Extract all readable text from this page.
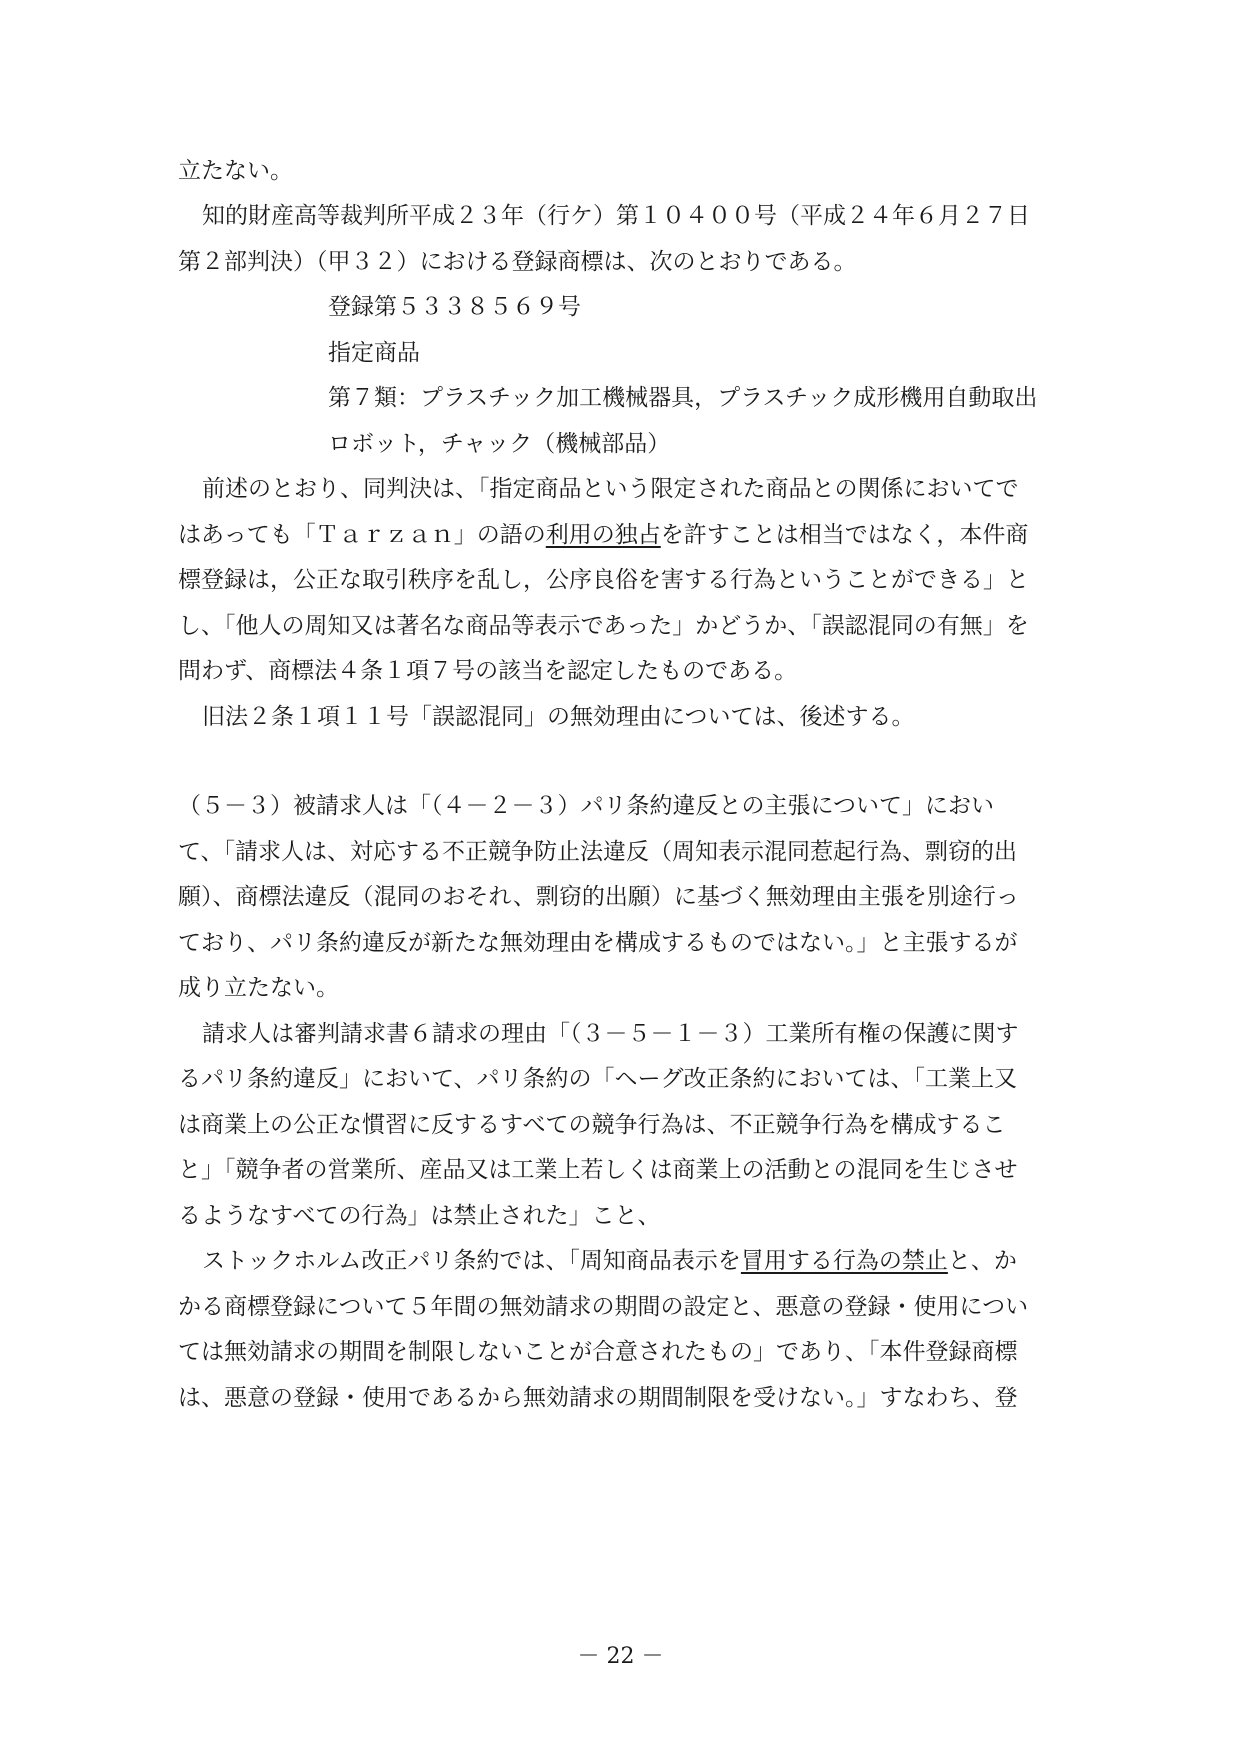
立たない。
知的財産高等裁判所平成２３年（行ケ）第１０４００号（平成２４年６月２７日
第２部判決）（甲３２）における登録商標は、次のとおりである。
登録第５３３８５６９号
指定商品
第７類：プラスチック加工機械器具，プラスチック成形機用自動取出
ロボット，チャック（機械部品）
前述のとおり、同判決は、「指定商品という限定された商品との関係においてで
はあっても「Ｔａｒｚａｎ」の語の利用の独占を許すことは相当ではなく，本件商
標登録は，公正な取引秩序を乱し，公序良俗を害する行為ということができる」と
し、「他人の周知又は著名な商品等表示であった」かどうか、「誤認混同の有無」を
問わず、商標法４条１項７号の該当を認定したものである。
旧法２条１項１１号「誤認混同」の無効理由については、後述する。
（５－３）被請求人は「（４－２－３）パリ条約違反との主張について」におい
て、「請求人は、対応する不正競争防止法違反（周知表示混同惹起行為、剽窃的出
願）、商標法違反（混同のおそれ、剽窃的出願）に基づく無効理由主張を別途行っ
ており、パリ条約違反が新たな無効理由を構成するものではない。」と主張するが
成り立たない。
請求人は審判請求書６請求の理由「（３－５－１－３）工業所有権の保護に関す
るパリ条約違反」において、パリ条約の「ヘーグ改正条約においては、「工業上又
は商業上の公正な慣習に反するすべての競争行為は、不正競争行為を構成するこ
と」「競争者の営業所、産品又は工業上若しくは商業上の活動との混同を生じさせ
るようなすべての行為」は禁止された」こと、
ストックホルム改正パリ条約では、「周知商品表示を冒用する行為の禁止と、か
かる商標登録について５年間の無効請求の期間の設定と、悪意の登録・使用につい
ては無効請求の期間を制限しないことが合意されたもの」であり、「本件登録商標
は、悪意の登録・使用であるから無効請求の期間制限を受けない。」すなわち、登
－ 22 －
